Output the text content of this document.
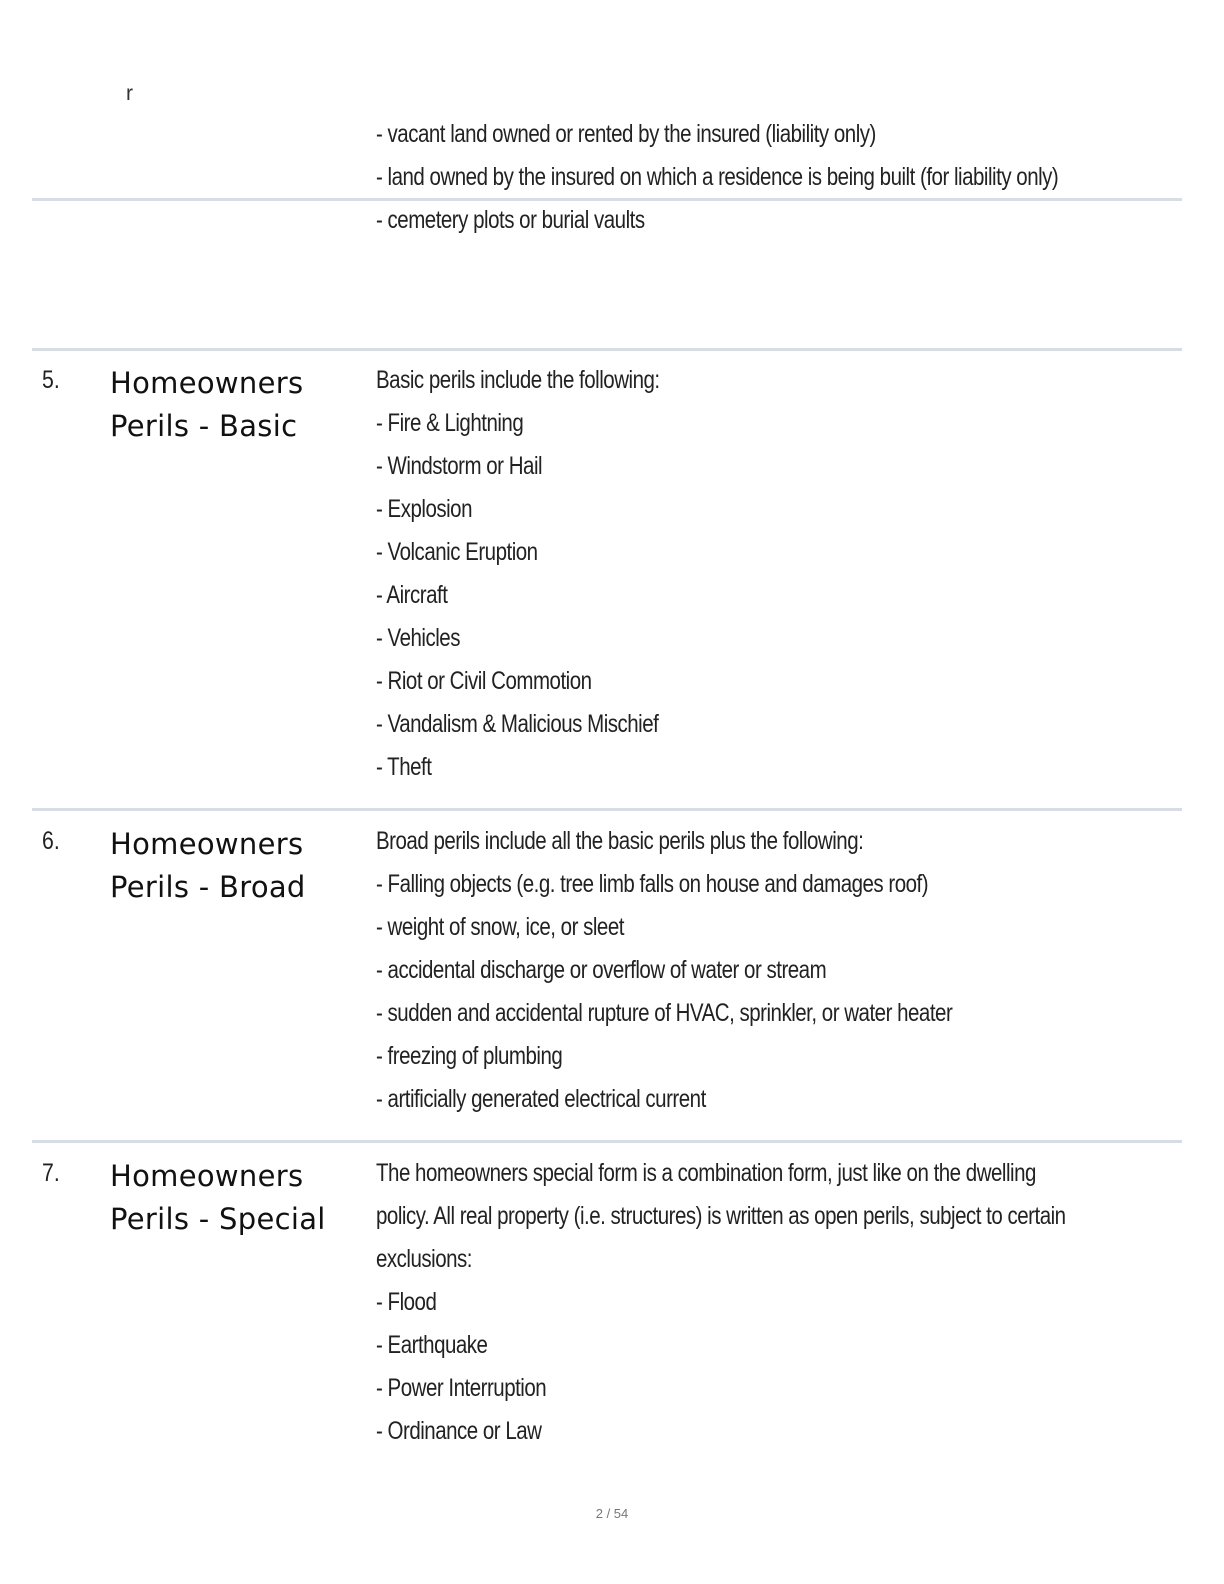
r
- vacant land owned or rented by the insured (liability only)
- land owned by the insured on which a residence is being built (for liability only)
- cemetery plots or burial vaults
5. Homeowners
Perils - Basic
Basic perils include the following:
- Fire & Lightning
- Windstorm or Hail
- Explosion
- Volcanic Eruption
- Aircraft
- Vehicles
- Riot or Civil Commotion
- Vandalism & Malicious Mischief
- Theft
6. Homeowners
Perils - Broad
Broad perils include all the basic perils plus the following:
- Falling objects (e.g. tree limb falls on house and damages roof)
- weight of snow, ice, or sleet
- accidental discharge or overflow of water or stream
- sudden and accidental rupture of HVAC, sprinkler, or water heater
- freezing of plumbing
- artificially generated electrical current
7. Homeowners
Perils - Special
The homeowners special form is a combination form, just like on the dwelling
policy. All real property (i.e. structures) is written as open perils, subject to certain
exclusions:
- Flood
- Earthquake
- Power Interruption
- Ordinance or Law
2 / 54
